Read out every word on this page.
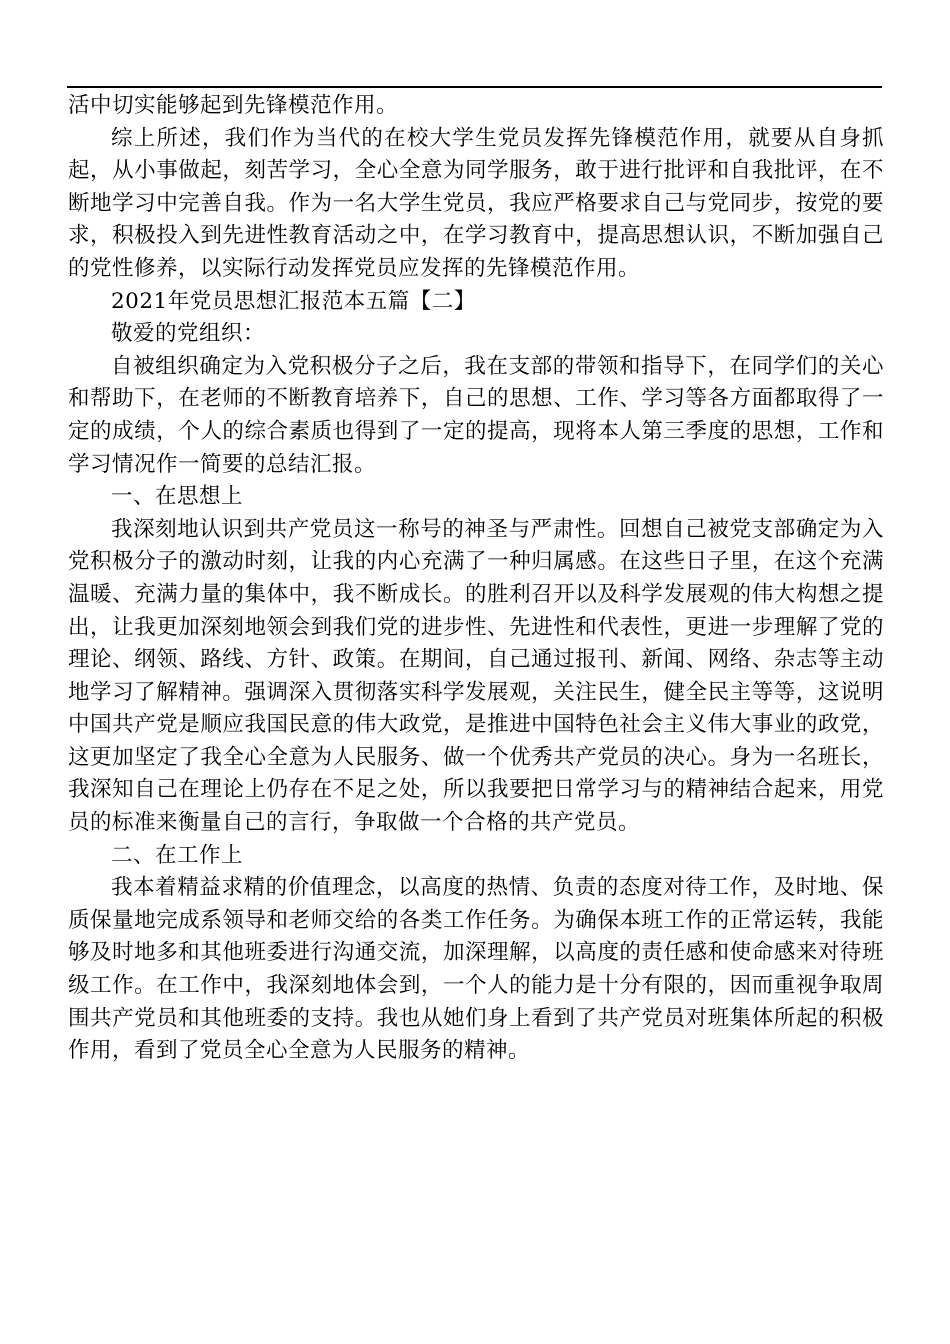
活中切实能够起到先锋模范作用。

综上所述，我们作为当代的在校大学生党员发挥先锋模范作用，就要从自身抓起，从小事做起，刻苦学习，全心全意为同学服务，敢于进行批评和自我批评，在不断地学习中完善自我。作为一名大学生党员，我应严格要求自己与党同步，按党的要求，积极投入到先进性教育活动之中，在学习教育中，提高思想认识，不断加强自己的党性修养，以实际行动发挥党员应发挥的先锋模范作用。

2021年党员思想汇报范本五篇【二】

敬爱的党组织：

自被组织确定为入党积极分子之后，我在支部的带领和指导下，在同学们的关心和帮助下，在老师的不断教育培养下，自己的思想、工作、学习等各方面都取得了一定的成绩，个人的综合素质也得到了一定的提高，现将本人第三季度的思想，工作和学习情况作一简要的总结汇报。

一、在思想上

我深刻地认识到共产党员这一称号的神圣与严肃性。回想自己被党支部确定为入党积极分子的激动时刻，让我的内心充满了一种归属感。在这些日子里，在这个充满温暖、充满力量的集体中，我不断成长。的胜利召开以及科学发展观的伟大构想之提出，让我更加深刻地领会到我们党的进步性、先进性和代表性，更进一步理解了党的理论、纲领、路线、方针、政策。在期间，自己通过报刊、新闻、网络、杂志等主动地学习了解精神。强调深入贯彻落实科学发展观，关注民生，健全民主等等，这说明中国共产党是顺应我国民意的伟大政党，是推进中国特色社会主义伟大事业的政党，这更加坚定了我全心全意为人民服务、做一个优秀共产党员的决心。身为一名班长，我深知自己在理论上仍存在不足之处，所以我要把日常学习与的精神结合起来，用党员的标准来衡量自己的言行，争取做一个合格的共产党员。

二、在工作上

我本着精益求精的价值理念，以高度的热情、负责的态度对待工作，及时地、保质保量地完成系领导和老师交给的各类工作任务。为确保本班工作的正常运转，我能够及时地多和其他班委进行沟通交流，加深理解，以高度的责任感和使命感来对待班级工作。在工作中，我深刻地体会到，一个人的能力是十分有限的，因而重视争取周围共产党员和其他班委的支持。我也从她们身上看到了共产党员对班集体所起的积极作用，看到了党员全心全意为人民服务的精神。
